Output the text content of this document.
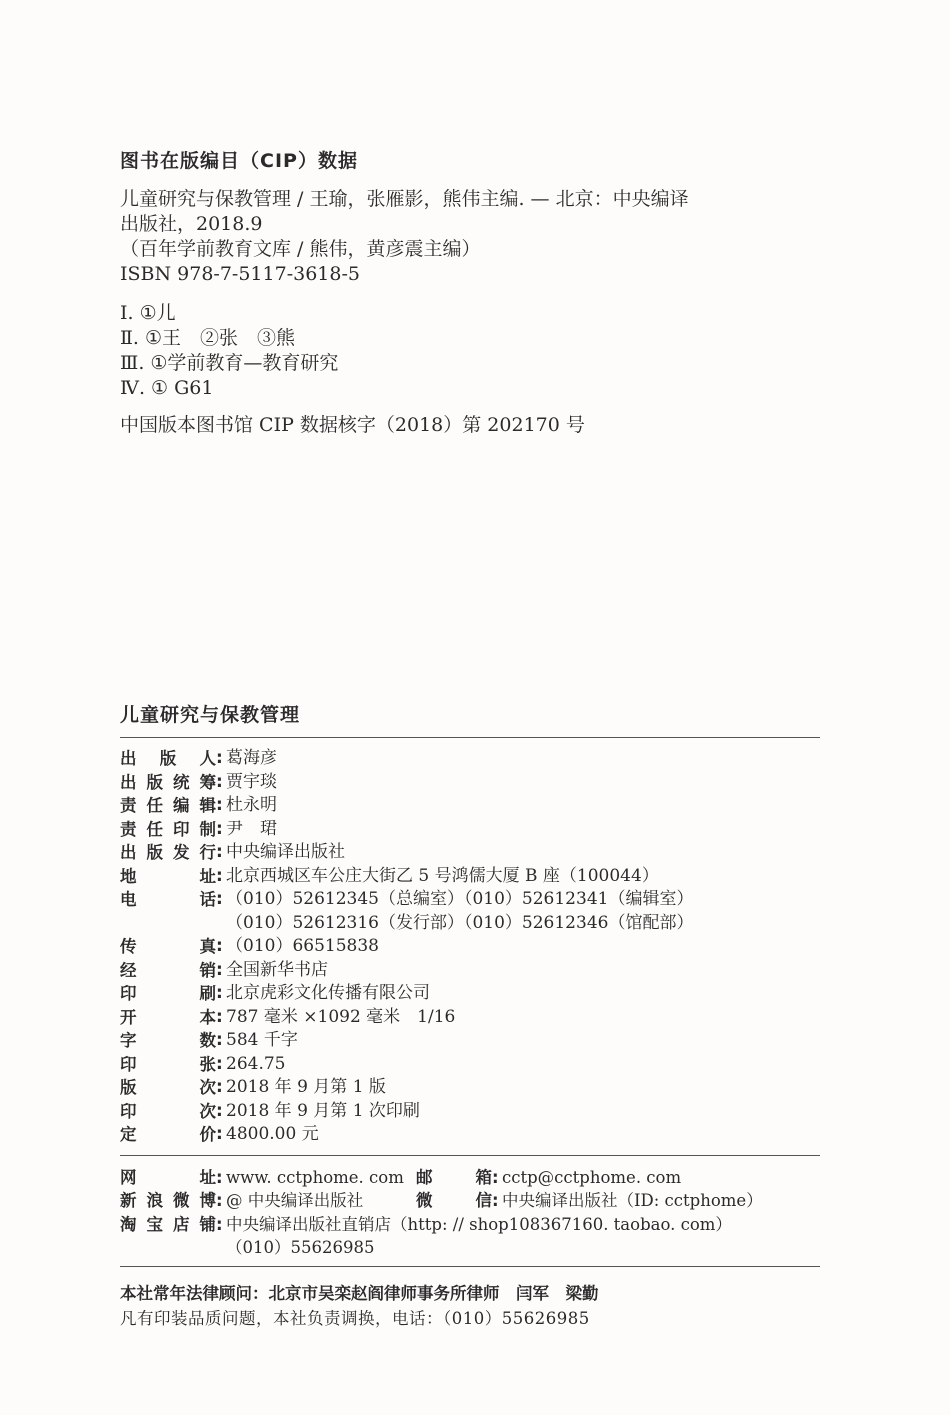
图书在版编目（CIP）数据
儿童研究与保教管理 / 王瑜，张雁影，熊伟主编. — 北京：中央编译
出版社，2018.9
（百年学前教育文库 / 熊伟，黄彦震主编）
ISBN 978-7-5117-3618-5
Ⅰ. ①儿
Ⅱ. ①王　②张　③熊
Ⅲ. ①学前教育—教育研究
Ⅳ. ① G61
中国版本图书馆 CIP 数据核字（2018）第 202170 号
儿童研究与保教管理
出 版 人 : 葛海彦
出 版 统 筹 : 贾宇琰
责 任 编 辑 : 杜永明
责 任 印 制 : 尹　珺
出 版 发 行 : 中央编译出版社
地	址 : 北京西城区车公庄大街乙 5 号鸿儒大厦 B 座（100044）
电	话 : （010）52612345（总编室）（010）52612341（编辑室）
（010）52612316（发行部）（010）52612346（馆配部）
传	真 : （010）66515838
经	销 : 全国新华书店
印	刷 : 北京虎彩文化传播有限公司
开	本 : 787 毫米 ×1092 毫米　1/16
字	数 : 584 千字
印	张 : 264.75
版	次 : 2018 年 9 月第 1 版
印	次 : 2018 年 9 月第 1 次印刷
定	价 : 4800.00 元
网	址 : www. cctphome. com 邮	箱 : cctp@cctphome. com
新 浪 微 博 : @ 中央编译出版社	微	信 : 中央编译出版社（ID: cctphome）
淘 宝 店 铺 : 中央编译出版社直销店（http: // shop108367160. taobao. com）
（010）55626985
本社常年法律顾问：北京市吴栾赵阎律师事务所律师　闫军　梁勤
凡有印装品质问题，本社负责调换，电话：（010）55626985
